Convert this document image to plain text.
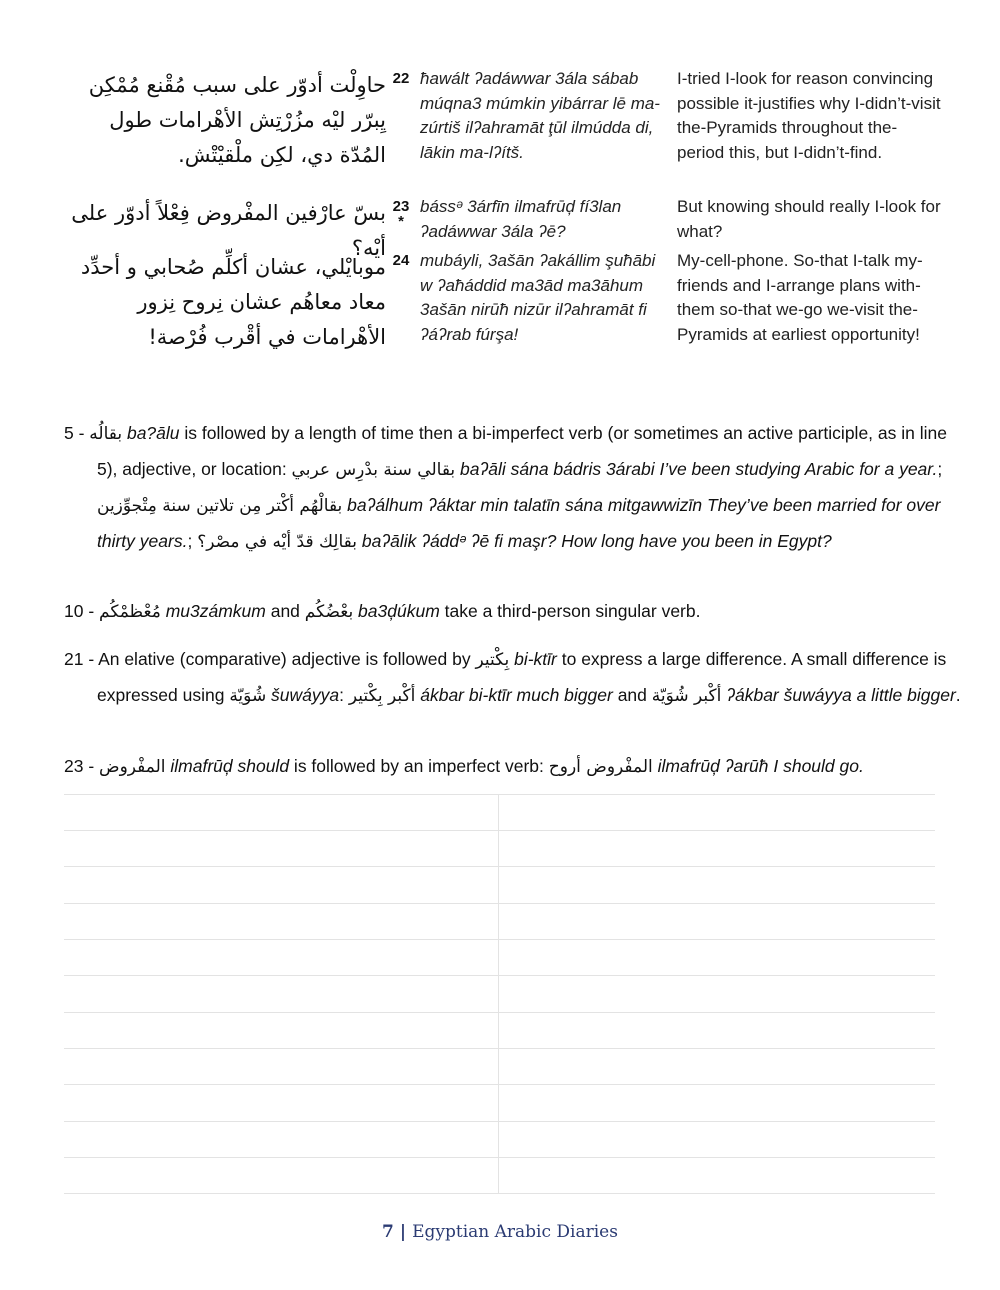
حاوِلْت أدوّر على سبب مُقْنع مُمْكِن يِبرّر ليْه مزُرْتِش الأهْرامات طول المُدّة دي، لكِن ملْقيْتْش.
22 ħawált ʔadáwwar 3ála sábab múqna3 múmkin yibárrar lē ma-zúrtiš ilʔahramāt ţūl ilmúdda di, lākin ma-lʔítš.
I-tried I-look for reason convincing possible it-justifies why I-didn’t-visit the-Pyramids throughout the-period this, but I-didn’t-find.
بسّ عارْفين المفْروض فِعْلاً أدوّر على أيْه؟
23
*
bássᵊ 3árfīn ilmafrūḑ fí3lan ʔadáwwar 3ála ʔē?
But knowing should really I-look for what?
موبايْلي، عشان أكلِّم صُحابي و أحدِّد معاد معاهُم عشان نِروح نِزور الأهْرامات في أقْرب فُرْصة!
24 mubáyli, 3ašān ʔakállim şuħābi w ʔaħáddid ma3ād ma3āhum 3ašān nirūħ nizūr ilʔahramāt fi ʔáʔrab fúrşa!
My-cell-phone. So-that I-talk my-friends and I-arrange plans with-them so-that we-go we-visit the-Pyramids at earliest opportunity!
5 - بقالُه ba?ālu is followed by a length of time then a bi-imperfect verb (or sometimes an active participle, as in line 5), adjective, or location: بقالي سنة بدْرِس عربي baʔāli sána bádris 3árabi I’ve been studying Arabic for a year.; بقالْهُم أكْتر مِن تلاتين سنة مِتْجوِّزين baʔálhum ʔáktar min talatīn sána mitgawwizīn They’ve been married for over thirty years.; بقالِك قدّ أيْه في مصْر؟ baʔālik ʔáddᵊ ʔē fi maşr? How long have you been in Egypt?
10 - مُعْظمْكُم mu3zámkum and بعْضُكُم ba3ḑúkum take a third-person singular verb.
21 - An elative (comparative) adjective is followed by بِكْتير bi-ktīr to express a large difference. A small difference is expressed using شُوَيّة šuwáyya: أكْبر بِكْتير ákbar bi-ktīr much bigger and أكْبر شُوَيّة ʔákbar šuwáyya a little bigger.
23 - المفْروض ilmafrūḑ should is followed by an imperfect verb: المفْروض أروح ilmafrūḑ ʔarūħ I should go.
7 | Egyptian Arabic Diaries
